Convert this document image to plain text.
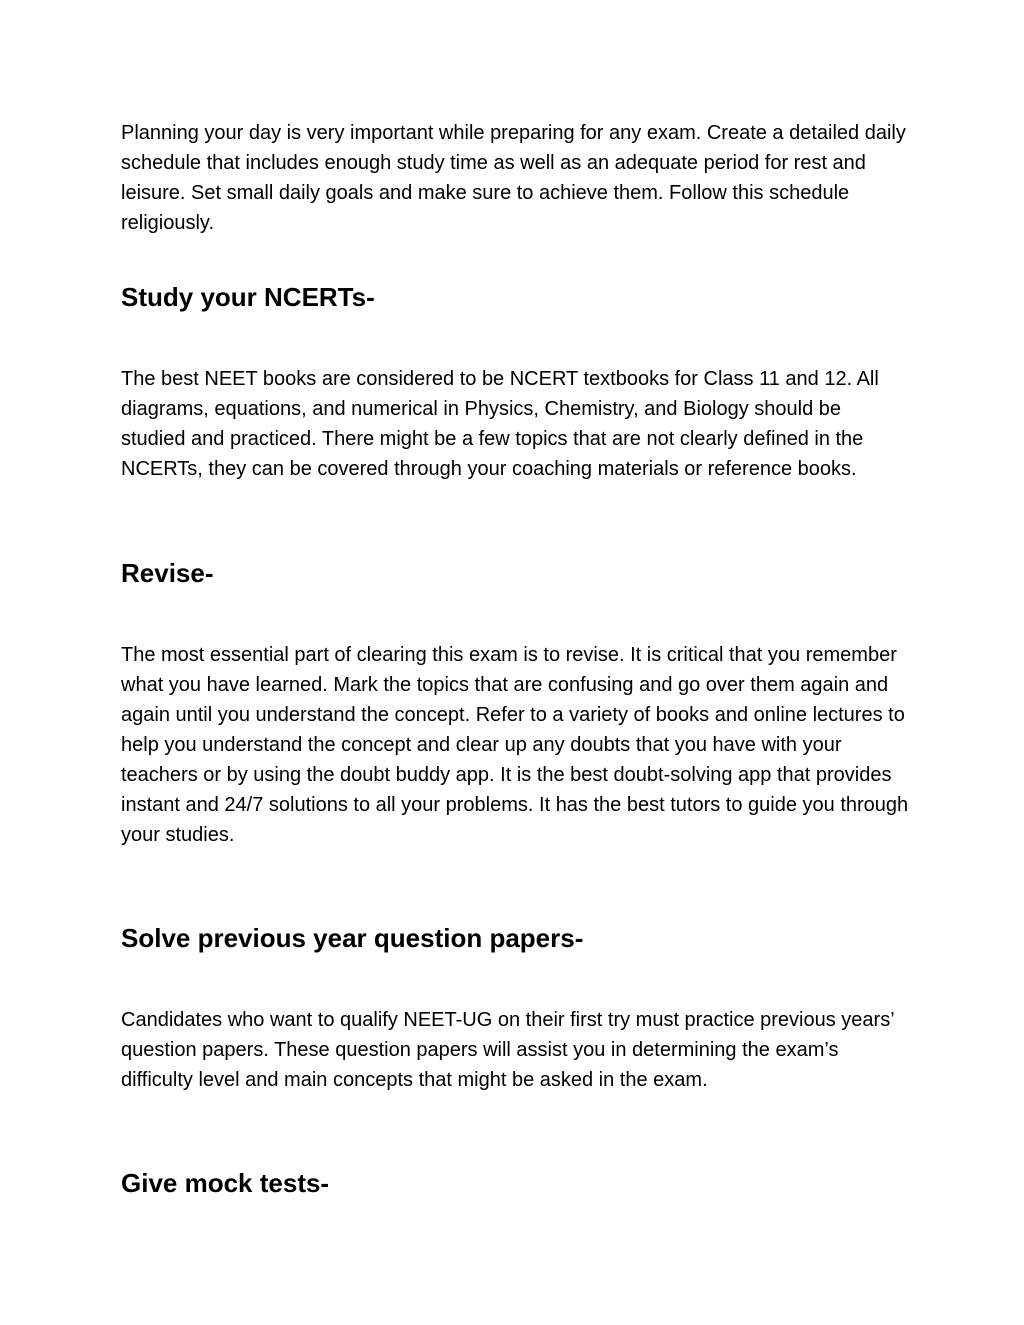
Planning your day is very important while preparing for any exam. Create a detailed daily schedule that includes enough study time as well as an adequate period for rest and leisure. Set small daily goals and make sure to achieve them. Follow this schedule religiously.

Study your NCERTs-

The best NEET books are considered to be NCERT textbooks for Class 11 and 12. All diagrams, equations, and numerical in Physics, Chemistry, and Biology should be studied and practiced. There might be a few topics that are not clearly defined in the NCERTs, they can be covered through your coaching materials or reference books.

Revise-

The most essential part of clearing this exam is to revise. It is critical that you remember what you have learned. Mark the topics that are confusing and go over them again and again until you understand the concept. Refer to a variety of books and online lectures to help you understand the concept and clear up any doubts that you have with your teachers or by using the doubt buddy app. It is the best doubt-solving app that provides instant and 24/7 solutions to all your problems. It has the best tutors to guide you through your studies.

Solve previous year question papers-

Candidates who want to qualify NEET-UG on their first try must practice previous years’ question papers. These question papers will assist you in determining the exam’s difficulty level and main concepts that might be asked in the exam.

Give mock tests-
